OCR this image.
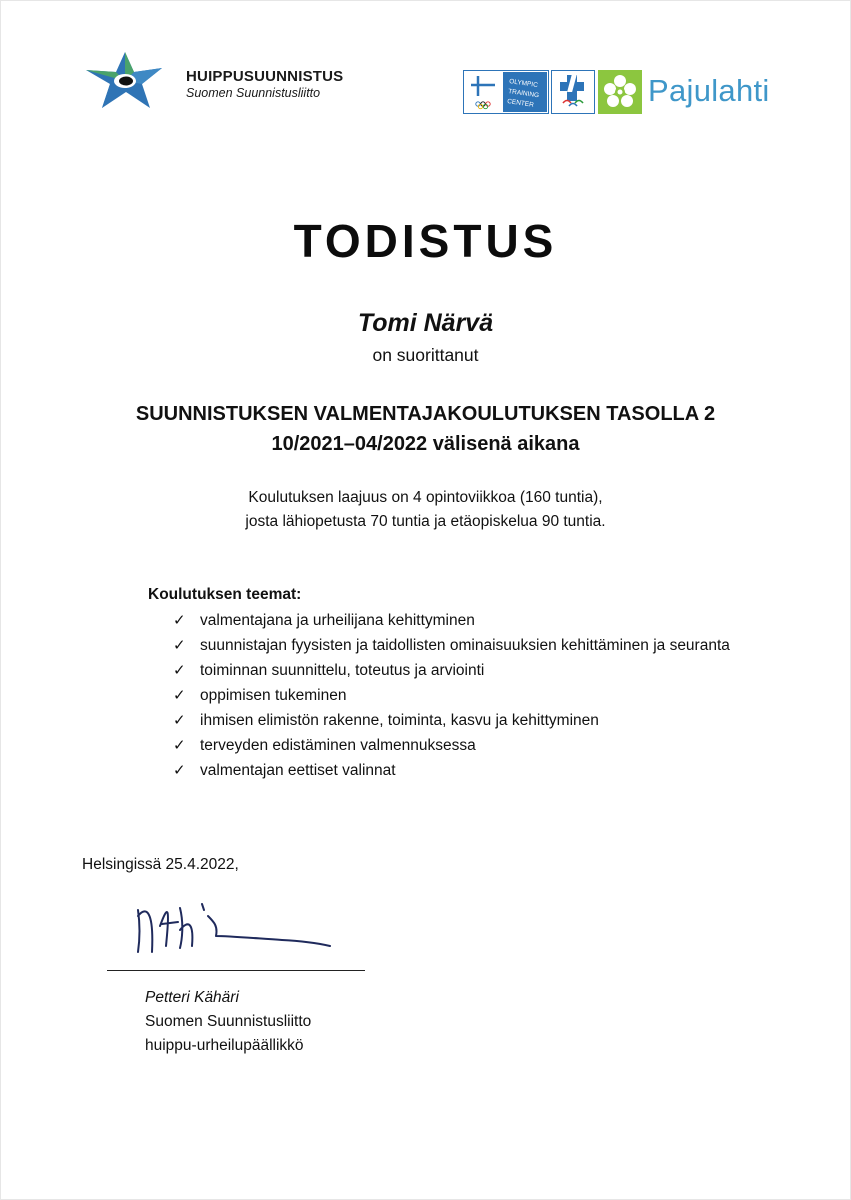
HUIPPUSUUNNISTUS
Suomen Suunnistusliitto
OLYMPIC
TRAINING
CENTER	Pajulahti
TODISTUS
Tomi Närvä
on suorittanut
SUUNNISTUKSEN VALMENTAJAKOULUTUKSEN TASOLLA 2
10/2021–04/2022 välisenä aikana
Koulutuksen laajuus on 4 opintoviikkoa (160 tuntia),
josta lähiopetusta 70 tuntia ja etäopiskelua 90 tuntia.
Koulutuksen teemat:
✓ valmentajana ja urheilijana kehittyminen
✓ suunnistajan fyysisten ja taidollisten ominaisuuksien kehittäminen ja seuranta
✓ toiminnan suunnittelu, toteutus ja arviointi
✓ oppimisen tukeminen
✓ ihmisen elimistön rakenne, toiminta, kasvu ja kehittyminen
✓ terveyden edistäminen valmennuksessa
✓ valmentajan eettiset valinnat
Helsingissä 25.4.2022,
Petteri Kähäri
Suomen Suunnistusliitto
huippu-urheilupäällikkö
